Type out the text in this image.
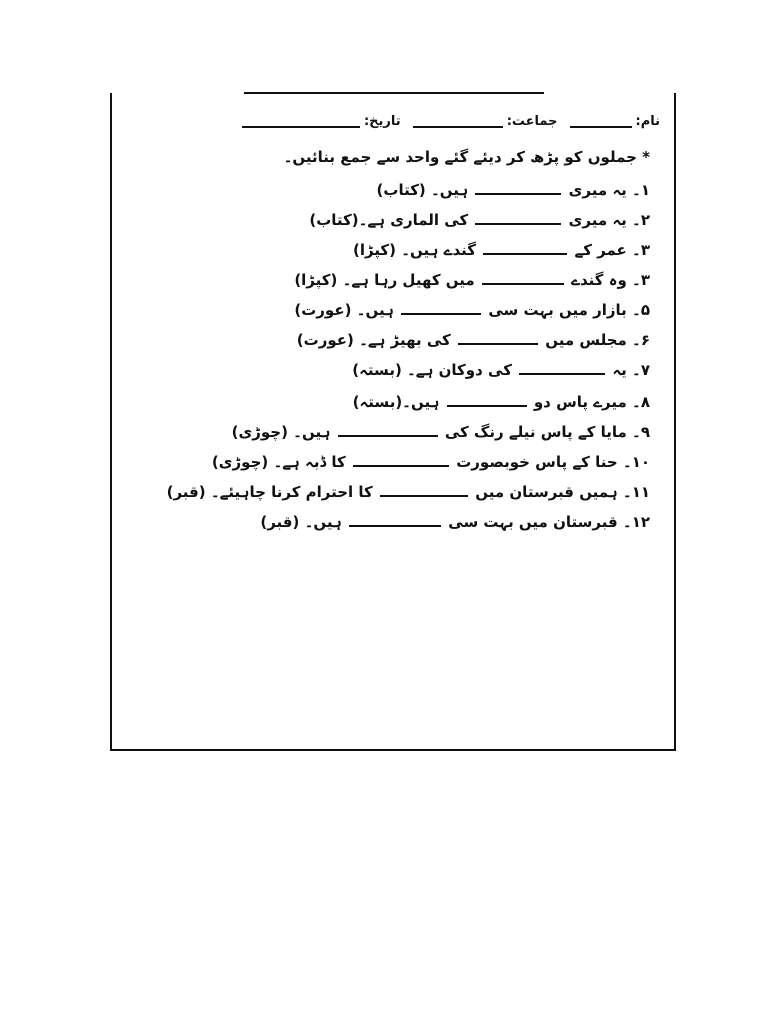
نام:
جماعت:
تاریخ:
* جملوں کو پڑھ کر دیئے گئے واحد سے جمع بنائیں۔
۱۔ یہ میری  ہیں۔ (کتاب)
۲۔ یہ میری  کی الماری ہے۔(کتاب)
۳۔ عمر کے  گندے ہیں۔ (کپڑا)
۳۔ وہ گندے  میں کھیل رہا ہے۔ (کپڑا)
۵۔ بازار میں بہت سی  ہیں۔ (عورت)
۶۔ مجلس میں  کی بھیڑ ہے۔ (عورت)
۷۔ یہ  کی دوکان ہے۔ (بستہ)
۸۔ میرے پاس دو  ہیں۔(بستہ)
۹۔ مایا کے پاس نیلے رنگ کی  ہیں۔ (چوڑی)
۱۰۔ حنا کے پاس خوبصورت  کا ڈبہ ہے۔ (چوڑی)
۱۱۔ ہمیں قبرستان میں  کا احترام کرنا چاہیئے۔ (قبر)
۱۲۔ قبرستان میں بہت سی  ہیں۔ (قبر)
